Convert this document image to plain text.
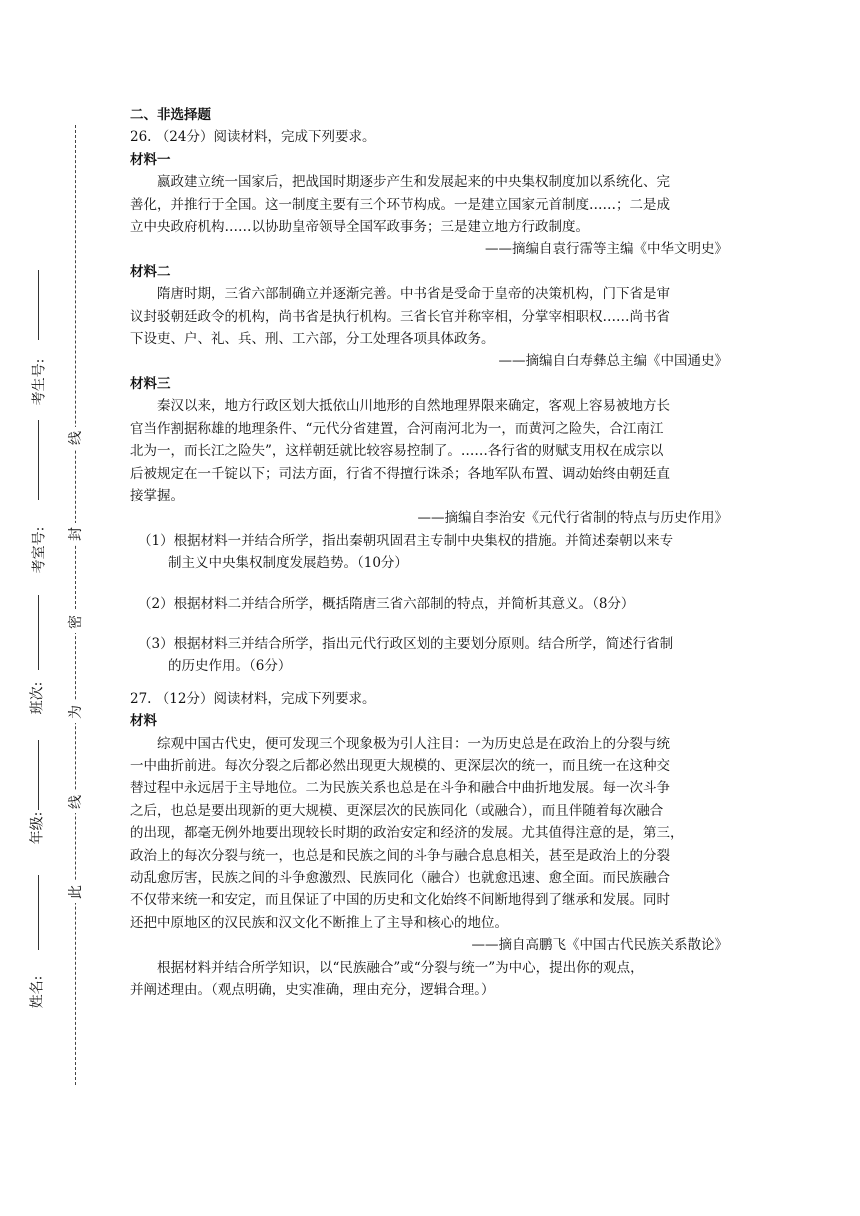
考生号:
考室号:
班次:
年级:
姓名:
线
封
密
为
线
此

二、非选择题

26. （24分）阅读材料，完成下列要求。

材料一

嬴政建立统一国家后，把战国时期逐步产生和发展起来的中央集权制度加以系统化、完

善化，并推行于全国。这一制度主要有三个环节构成。一是建立国家元首制度……；二是成

立中央政府机构……以协助皇帝领导全国军政事务；三是建立地方行政制度。

——摘编自袁行霈等主编《中华文明史》

材料二

隋唐时期，三省六部制确立并逐渐完善。中书省是受命于皇帝的决策机构，门下省是审

议封驳朝廷政令的机构，尚书省是执行机构。三省长官并称宰相，分掌宰相职权……尚书省

下设吏、户、礼、兵、刑、工六部，分工处理各项具体政务。

——摘编自白寿彝总主编《中国通史》

材料三

秦汉以来，地方行政区划大抵依山川地形的自然地理界限来确定，客观上容易被地方长

官当作割据称雄的地理条件、“元代分省建置，合河南河北为一，而黄河之险失，合江南江

北为一，而长江之险失”，这样朝廷就比较容易控制了。……各行省的财赋支用权在成宗以

后被规定在一千锭以下；司法方面，行省不得擅行诛杀；各地军队布置、调动始终由朝廷直

接掌握。

——摘编自李治安《元代行省制的特点与历史作用》

（1）根据材料一并结合所学，指出秦朝巩固君主专制中央集权的措施。并简述秦朝以来专

制主义中央集权制度发展趋势。（10分）

（2）根据材料二并结合所学，概括隋唐三省六部制的特点，并简析其意义。（8分）

（3）根据材料三并结合所学，指出元代行政区划的主要划分原则。结合所学，简述行省制

的历史作用。（6分）

27. （12分）阅读材料，完成下列要求。

材料

综观中国古代史，便可发现三个现象极为引人注目：一为历史总是在政治上的分裂与统

一中曲折前进。每次分裂之后都必然出现更大规模的、更深层次的统一，而且统一在这种交

替过程中永远居于主导地位。二为民族关系也总是在斗争和融合中曲折地发展。每一次斗争

之后，也总是要出现新的更大规模、更深层次的民族同化（或融合），而且伴随着每次融合

的出现，都毫无例外地要出现较长时期的政治安定和经济的发展。尤其值得注意的是，第三，

政治上的每次分裂与统一，也总是和民族之间的斗争与融合息息相关，甚至是政治上的分裂

动乱愈厉害，民族之间的斗争愈激烈、民族同化（融合）也就愈迅速、愈全面。而民族融合

不仅带来统一和安定，而且保证了中国的历史和文化始终不间断地得到了继承和发展。同时

还把中原地区的汉民族和汉文化不断推上了主导和核心的地位。

——摘自高鹏飞《中国古代民族关系散论》

根据材料并结合所学知识，以“民族融合”或“分裂与统一”为中心，提出你的观点，

并阐述理由。（观点明确，史实准确，理由充分，逻辑合理。）
